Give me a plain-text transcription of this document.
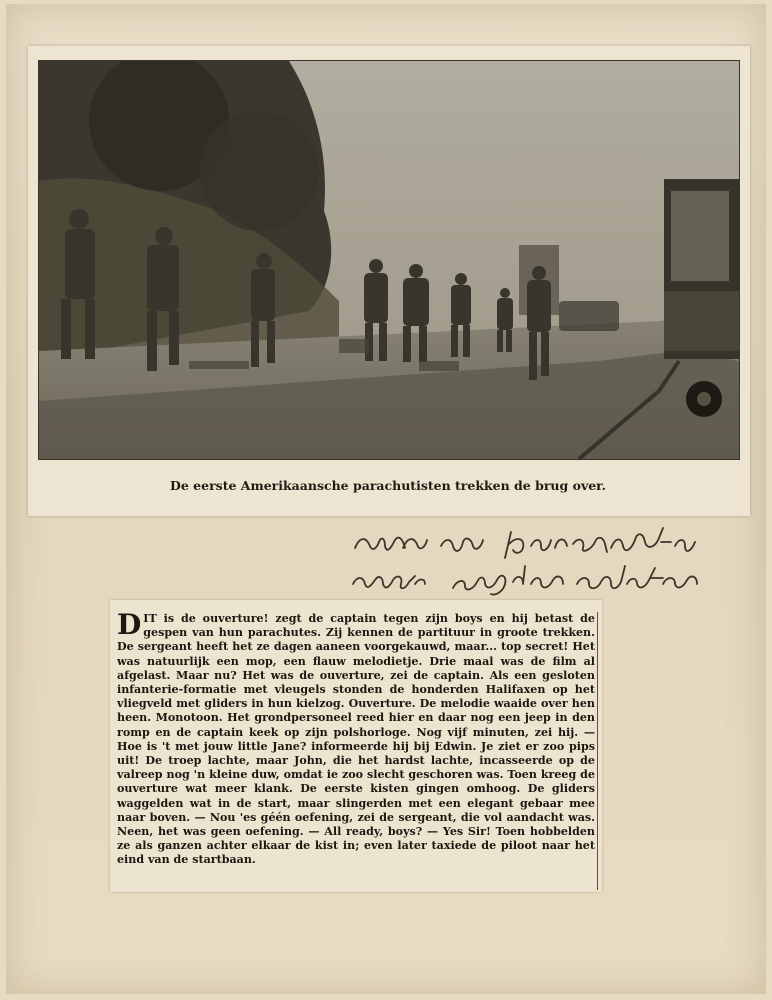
De eerste Amerikaansche parachutisten trekken de brug over.

DIT is de ouverture! zegt de captain tegen zijn boys en hij betast de gespen van hun parachutes. Zij kennen de partituur in groote trekken. De sergeant heeft het ze dagen aaneen voorgekauwd, maar... top secret! Het was natuurlijk een mop, een flauw melodietje. Drie maal was de film al afgelast. Maar nu? Het was de ouverture, zei de captain. Als een gesloten infanterie-formatie met vleugels stonden de honderden Halifaxen op het vliegveld met gliders in hun kielzog. Ouverture. De melodie waaide over hen heen. Monotoon. Het grondpersoneel reed hier en daar nog een jeep in den romp en de captain keek op zijn polshorloge. Nog vijf minuten, zei hij. — Hoe is 't met jouw little Jane? informeerde hij bij Edwin. Je ziet er zoo pips uit! De troep lachte, maar John, die het hardst lachte, incasseerde op de valreep nog 'n kleine duw, omdat ie zoo slecht geschoren was. Toen kreeg de ouverture wat meer klank. De eerste kisten gingen omhoog. De gliders waggelden wat in de start, maar slingerden met een elegant gebaar mee naar boven. — Nou 'es géén oefening, zei de sergeant, die vol aandacht was. Neen, het was geen oefening. — All ready, boys? — Yes Sir! Toen hobbelden ze als ganzen achter elkaar de kist in; even later taxiede de piloot naar het eind van de startbaan.
